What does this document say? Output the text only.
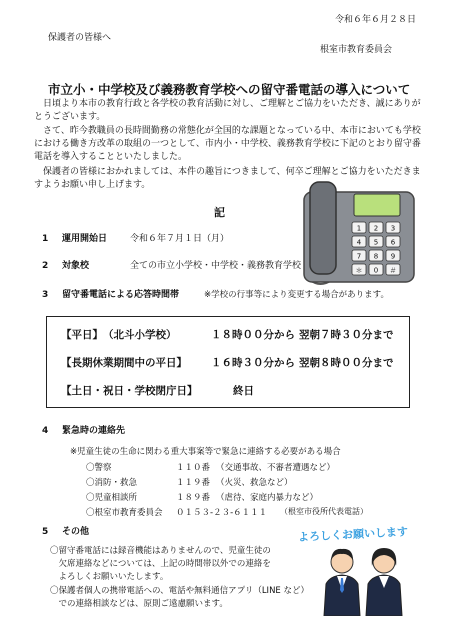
令和６年６月２８日
保護者の皆様へ
根室市教育委員会
市立小・中学校及び義務教育学校への留守番電話の導入について
日頃より本市の教育行政と各学校の教育活動に対し、ご理解とご協力をいただき、誠にありがとうございます。
さて、昨今教職員の長時間勤務の常態化が全国的な課題となっている中、本市においても学校における働き方改革の取組の一つとして、市内小・中学校、義務教育学校に下記のとおり留守番電話を導入することといたしました。
保護者の皆様におかれましては、本件の趣旨につきまして、何卒ご理解とご協力をいただきますようお願い申し上げます。
記
1 2 3
4 5 6
7 8 9
＊ 0 ＃
1 運用開始日	令和６年７月１日（月）
2 対象校	全ての市立小学校・中学校・義務教育学校
3 留守番電話による応答時間帯	※学校の行事等により変更する場合があります。
【平日】　（北斗小学校）	１８時００分から 翌朝７時３０分まで
【長期休業期間中の平日】 １６時３０分から 翌朝８時００分まで
【土日・祝日・学校閉庁日】	終日
4 緊急時の連絡先
※児童生徒の生命に関わる重大事案等で緊急に連絡する必要がある場合
〇警察	１１０番 （交通事故、不審者遭遇など）
〇消防・救急	１１９番 （火災、救急など）
〇児童相談所	１８９番 （虐待、家庭内暴力など）
〇根室市教育委員会 ０１５３-２３-６１１１ （根室市役所代表電話）
5 その他
〇留守番電話には録音機能はありませんので、児童生徒の
　欠席連絡などについては、上記の時間帯以外での連絡を
　よろしくお願いいたします。
〇保護者個人の携帯電話への、電話や無料通信アプリ（LINE など）
　での連絡相談などは、原則ご遠慮願います。
よろしくお願いします
